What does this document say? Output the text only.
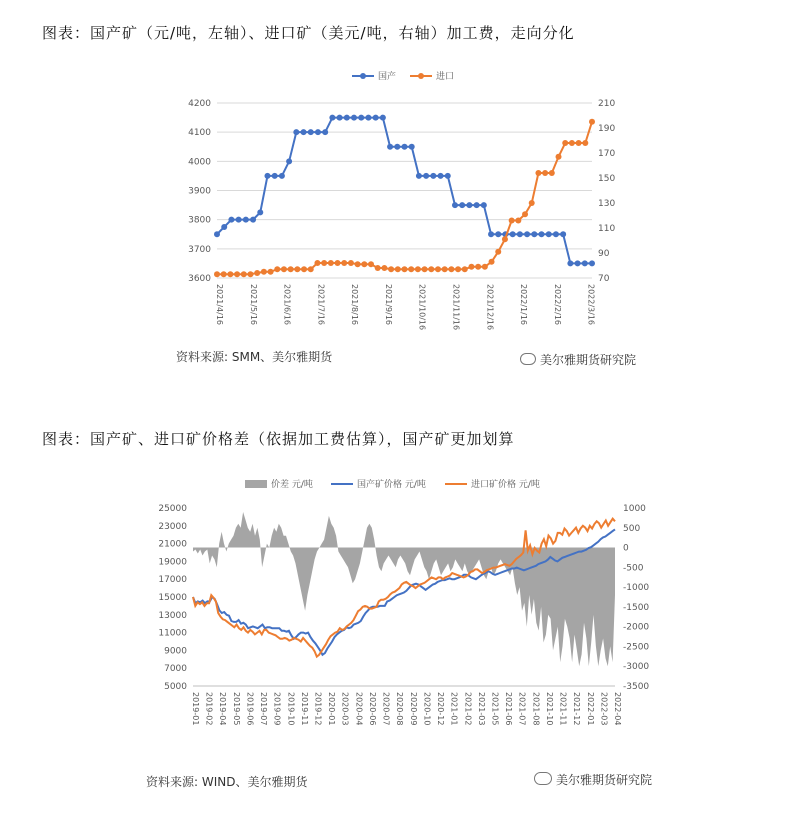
图表：国产矿（元/吨，左轴）、进口矿（美元/吨，右轴）加工费，走向分化
3600
3700
3800
3900
4000
4100
4200
70
90
110
130
150
170
190
210
2021/4/16	2021/5/16	2021/6/16	2021/7/16	2021/8/16	2021/9/16	2021/10/16	2021/11/16	2021/12/16	2022/1/16	2022/2/16	2022/3/16
国产	进口
资料来源: SMM、美尔雅期货	美尔雅期货研究院
图表：国产矿、进口矿价格差（依据加工费估算），国产矿更加划算
5000
7000
9000
11000
13000
15000
17000
19000
21000
23000
25000
-3500
-3000
-2500
-2000
-1500
-1000
-500
0
500
1000
2019-01 2019-02 2019-04 2019-05 2019-06 2019-07 2019-09 2019-10 2019-11 2019-12 2020-01 2020-03 2020-04 2020-06 2020-07 2020-08 2020-09 2020-10 2020-12 2021-01 2021-02 2021-03 2021-05 2021-06 2021-07 2021-08 2021-10 2021-11 2021-12 2022-01 2022-03 2022-04
价差 元/吨	国产矿价格 元/吨	进口矿价格 元/吨
资料来源: WIND、美尔雅期货	美尔雅期货研究院
